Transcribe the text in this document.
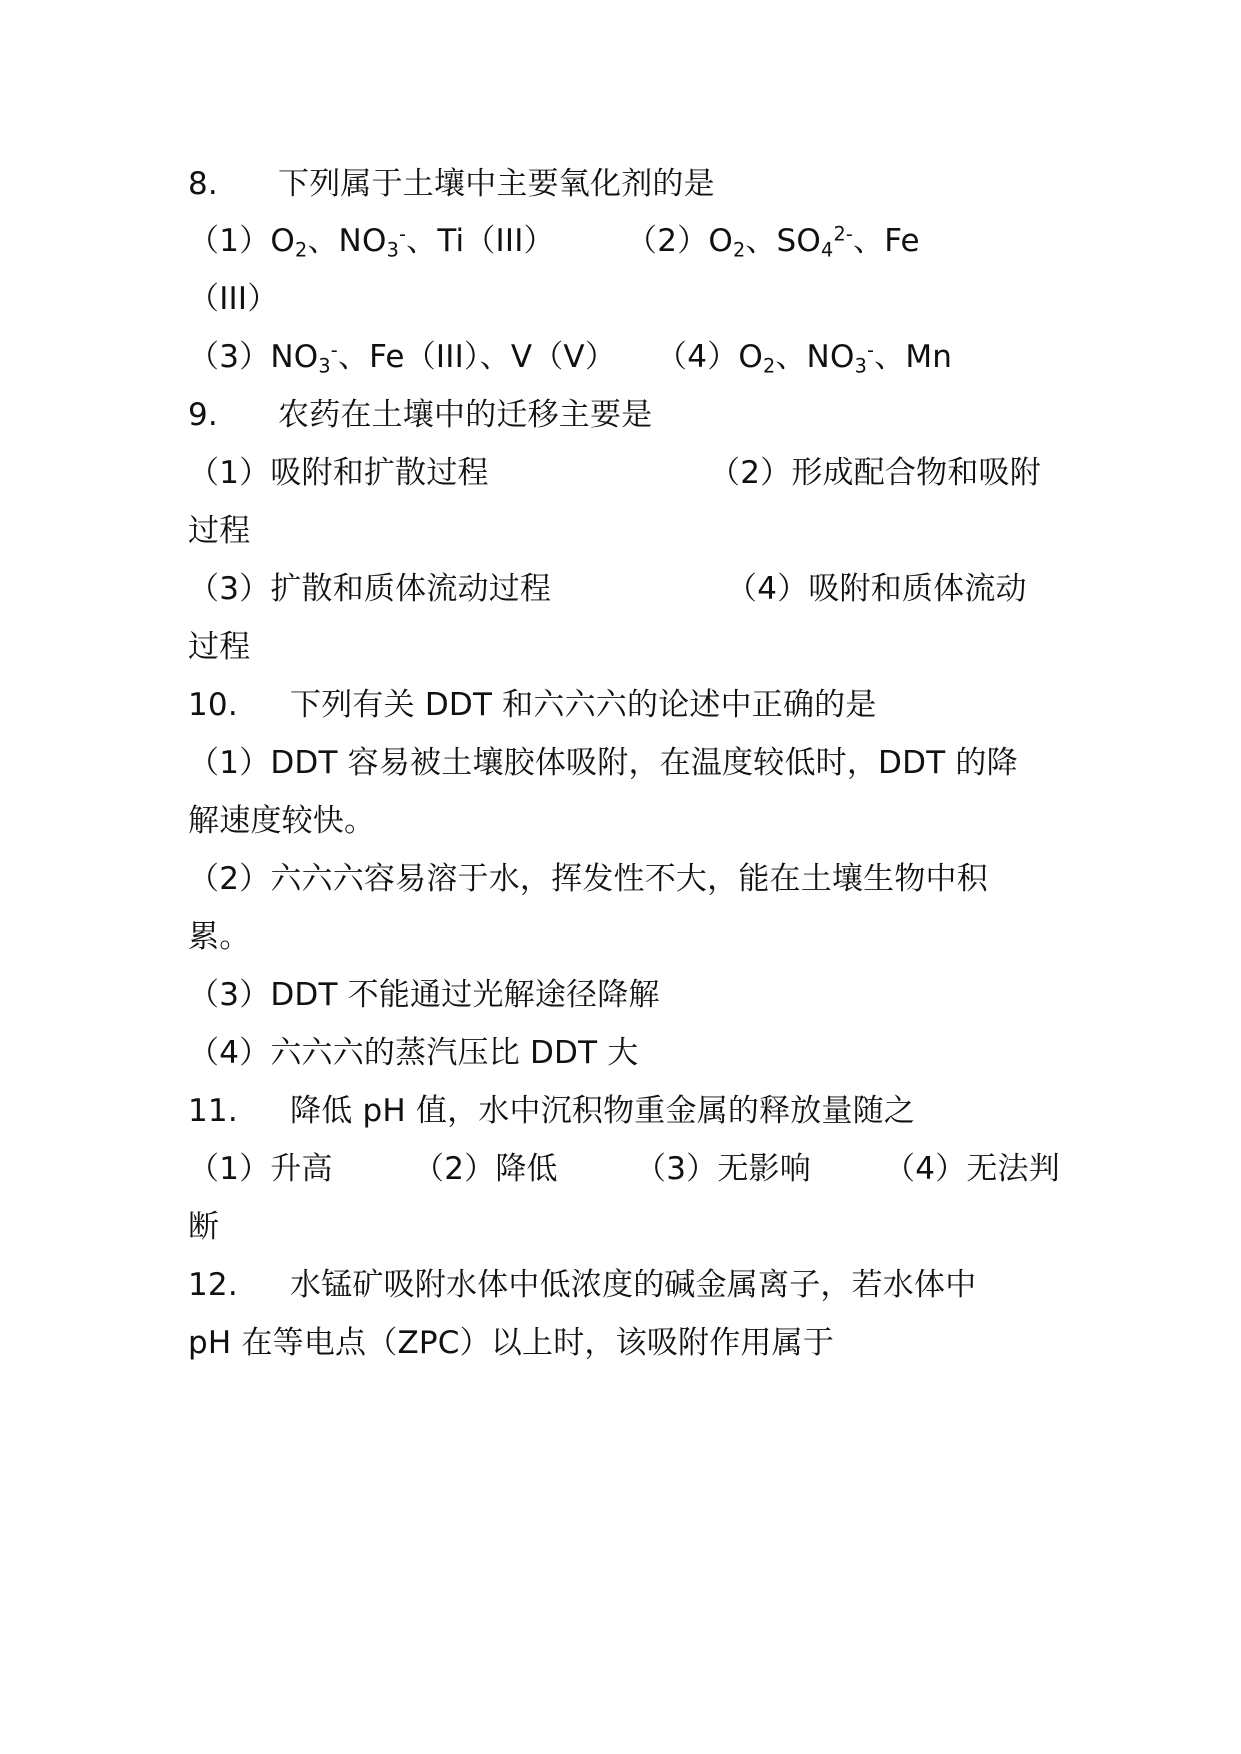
8. 下列属于土壤中主要氧化剂的是
$(1)O_2$、$NO_3^-$、Ti（III） $(2)O_2$、$SO_4^{2-}$、Fe
（III）
$(3)NO_3^-$、Fe（III）、V（V） $(4)O_2$、$NO_3^-$、Mn
9. 农药在土壤中的迁移主要是
（1）吸附和扩散过程	（2）形成配合物和吸附
过程
（3）扩散和质体流动过程	（4）吸附和质体流动
过程
10. 下列有关 DDT 和六六六的论述中正确的是
（1）DDT 容易被土壤胶体吸附，在温度较低时，DDT 的降
解速度较快。
（2）六六六容易溶于水，挥发性不大，能在土壤生物中积
累。
（3）DDT 不能通过光解途径降解
（4）六六六的蒸汽压比 DDT 大
11. 降低 pH 值，水中沉积物重金属的释放量随之
（1）升高	（2）降低 （3）无影响 （4）无法判
断
12. 水锰矿吸附水体中低浓度的碱金属离子，若水体中
pH 在等电点（ZPC）以上时，该吸附作用属于
